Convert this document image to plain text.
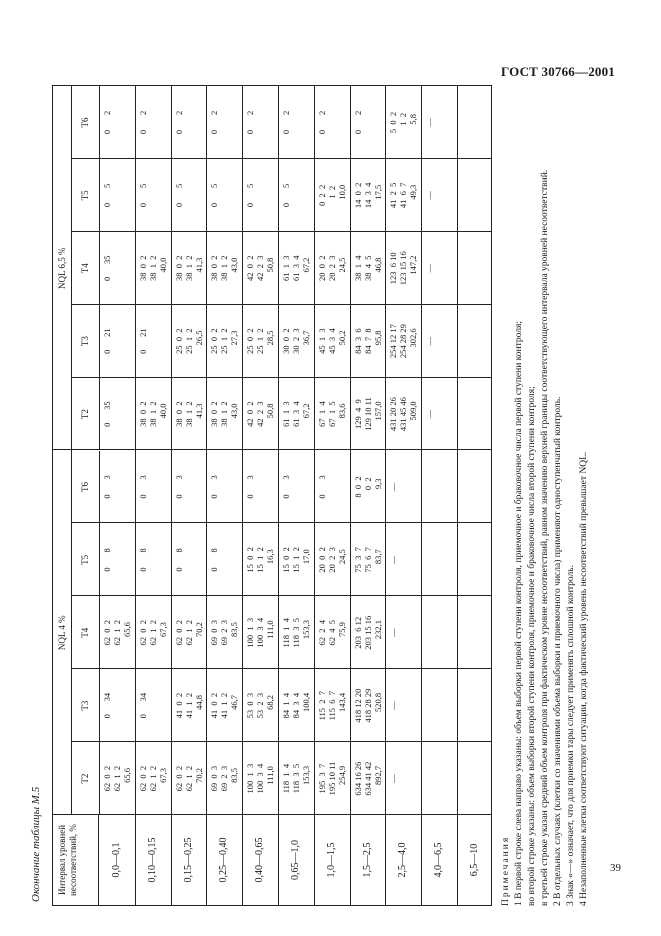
ГОСТ 30766—2001
Окончание таблицы М.5	Интервал уровней несоответствий, %	0,0—0,1 0,10—0,15 0,15—0,25 0,25—0,40 0,40—0,65 0,65—1,0 1,0—1,5 1,5—2,5 2,5—4,0 4,0—6,5 6,5—10
NQL 4 %
NQL 6,5 %
T2
T3
T4
T5
T6
T2
T3
T4
T5
T6
62  0  2
62  1  2
65,6
0      34
62  0  2
62  1  2
65,6
0       8
0       3
0      35
0      21
0      35
0       5
0       2
62  0  2
62  1  2
67,3
0      34
62  0  2
62  1  2
67,3
0       8
0       3
38  0  2
38  1  2
40,0
0      21
38  0  2
38  1  2
40,0
0       5
0       2
62  0  2
62  1  2
70,2
41  0  2
41  1  2
44,8
62  0  2
62  1  2
70,2
0       8
0       3
38  0  2
38  1  2
41,3
25  0  2
25  1  2
26,5
38  0  2
38  1  2
41,3
0       5
0       2
69  0  3
69  2  3
83,5
41  0  2
41  1  2
46,7
69  0  3
69  2  3
83,5
0       8
0       3
38  0  2
38  1  2
43,0
25  0  2
25  1  2
27,3
38  0  2
38  1  2
43,0
0       5
0       2
100  1  3
100  3  4
111,0
53  0  3
53  2  3
68,2
100  1  3
100  3  4
111,0
15  0  2
15  1  2
16,3
0       3
42  0  2
42  2  3
50,8
25  0  2
25  1  2
28,5
42  0  2
42  2  3
50,8
0       5
0       2
118  1  4
118  3  5
153,3
84  1  4
84  3  4
100,4
118  1  4
118  3  5
153,3
15  0  2
15  1  2
17,0
0       3
61  1  3
61  3  4
67,2
30  0  2
30  2  3
36,7
61  1  3
61  3  4
67,2
0       5
0       2
195  3  7
195 10 11
254,9
115  2  7
115  6  7
143,4
62  2  4
62  4  5
75,9
20  0  2
20  2  3
24,5
0       3
67  1  4
67  1  5
83,6
45  1  3
45  3  4
50,2
20  0  2
20  2  3
24,5
0  2  2
1  2
10,0
0       2
634 16 26
634 41 42
892,7
418 12 20
418 28 29
520,8
203  6 12
203 15 16
232,1
75  3  7
75  6  7
83,7
8  0  2
0  2
9,3
129  4  9
129 10 11
157,0
84  3  6
84  7  8
95,8
38  1  4
38  4  5
46,8
14  0  2
14  3  4
17,5
0       2
—
—
—
—
—
431 20 26
431 45 46
509,0
254 12 17
254 28 29
302,6
123  6 10
123 15 16
147,2
41  2  5
41  6  7
49,3
5  0  2
1  2
5,8
—
—
—
—
—
Примечания 1 В первой строке слева направо указаны: объем выборки первой ступени контроля, приемочное и браковочное числа первой ступени контроля; во второй строке указаны: объем выборки второй ступени контроля, приемочное и браковочное числа второй ступени контроля; в третьей строке указан средний объем контроля при фактическом уровне несоответствий, равном значению верхней границы соответствующего интервала уровней несоответствий. 2 В отдельных случаях (клетки со значениями объема выборки и приемочного числа) применяют одноступенчатый контроль. 3 Знак «—» означает, что для приемки тары следует применять сплошной контроль. 4 Незаполненные клетки соответствуют ситуации, когда фактический уровень несоответствий превышает NQL. 39
